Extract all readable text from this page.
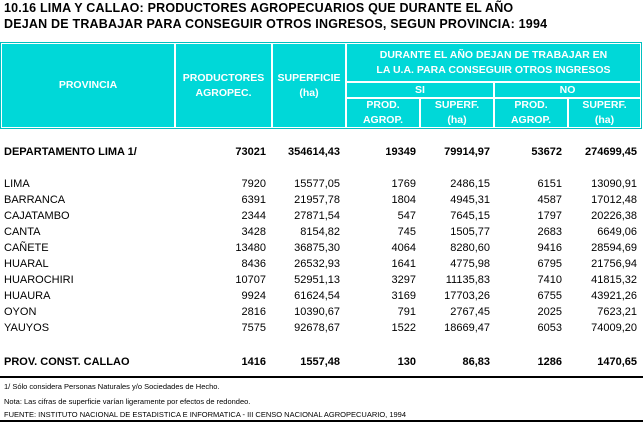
10.16 LIMA Y CALLAO: PRODUCTORES AGROPECUARIOS QUE DURANTE EL AÑO
DEJAN DE TRABAJAR PARA CONSEGUIR OTROS INGRESOS, SEGUN PROVINCIA: 1994
PROVINCIA
PRODUCTORES
AGROPEC.
SUPERFICIE
(ha)
DURANTE EL AÑO DEJAN DE TRABAJAR EN
LA U.A. PARA CONSEGUIR OTROS INGRESOS
SI	NO
PROD.
AGROP.
SUPERF.
(ha)
PROD.
AGROP.
SUPERF.
(ha)
DEPARTAMENTO LIMA 1/	73021 354614,43	19349	79914,97	53672 274699,45
LIMA	7920	15577,05	1769	2486,15	6151	13090,91
BARRANCA	6391	21957,78	1804	4945,31	4587	17012,48
CAJATAMBO	2344	27871,54	547	7645,15	1797	20226,38
CANTA	3428	8154,82	745	1505,77	2683	6649,06
CAÑETE	13480	36875,30	4064	8280,60	9416	28594,69
HUARAL	8436	26532,93	1641	4775,98	6795	21756,94
HUAROCHIRI	10707	52951,13	3297	11135,83	7410	41815,32
HUAURA	9924	61624,54	3169	17703,26	6755	43921,26
OYON	2816	10390,67	791	2767,45	2025	7623,21
YAUYOS	7575	92678,67	1522	18669,47	6053	74009,20
PROV. CONST. CALLAO	1416	1557,48	130	86,83	1286	1470,65
1/ Sólo considera Personas Naturales y/o Sociedades de Hecho.
Nota: Las cifras de superficie varían ligeramente por efectos de redondeo.
FUENTE: INSTITUTO NACIONAL DE ESTADISTICA E INFORMATICA - III CENSO NACIONAL AGROPECUARIO, 1994
